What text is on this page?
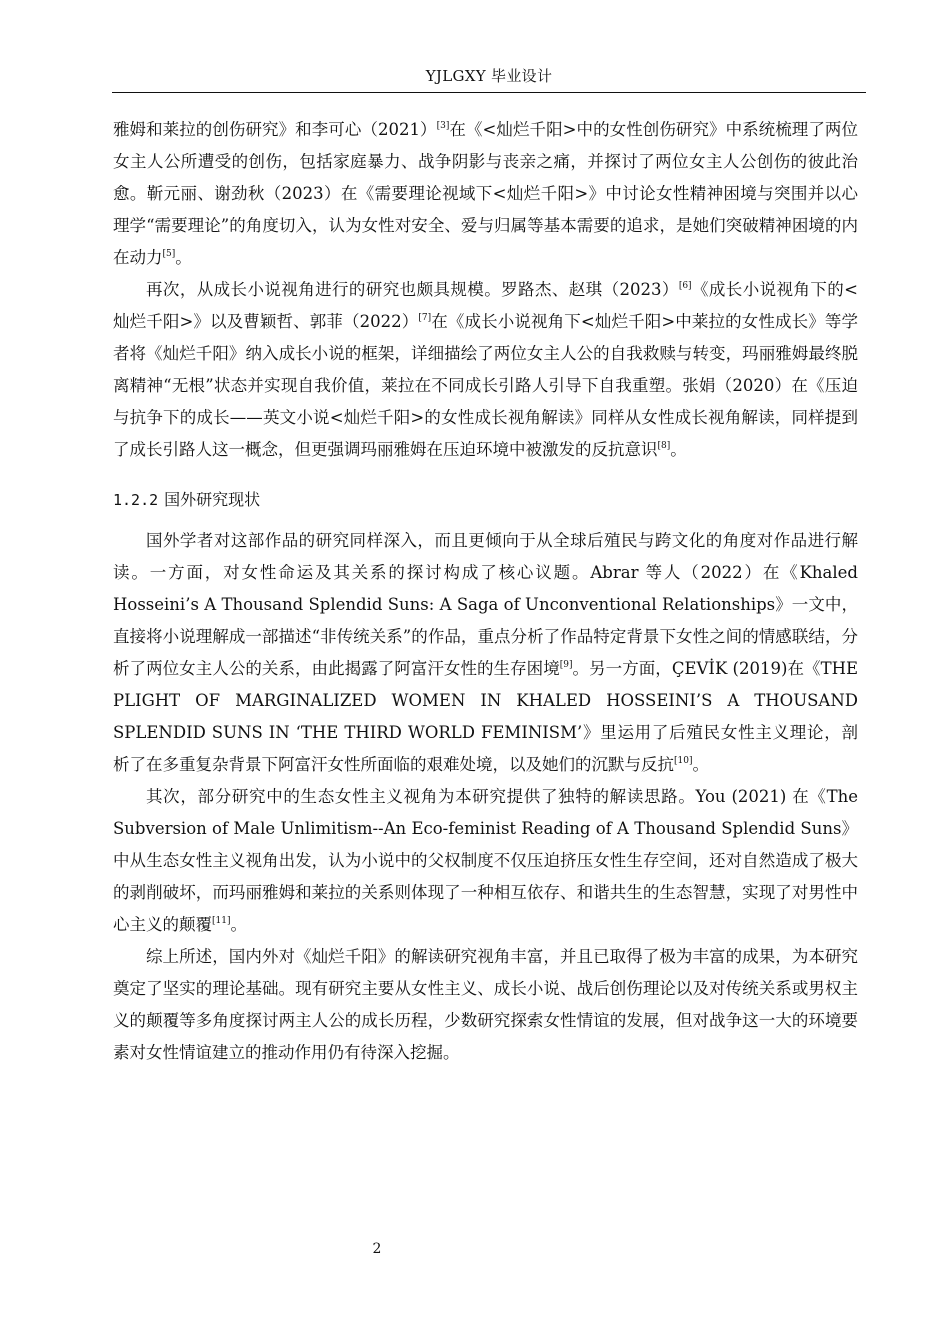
YJLGXY 毕业设计

雅姆和莱拉的创伤研究》和李可心（2021）[3]在《<灿烂千阳>中的女性创伤研究》中系统梳理了两位女主人公所遭受的创伤，包括家庭暴力、战争阴影与丧亲之痛，并探讨了两位女主人公创伤的彼此治愈。靳元丽、谢劲秋（2023）在《需要理论视域下<灿烂千阳>》中讨论女性精神困境与突围并以心理学“需要理论”的角度切入，认为女性对安全、爱与归属等基本需要的追求，是她们突破精神困境的内在动力[5]。

再次，从成长小说视角进行的研究也颇具规模。罗路杰、赵琪（2023）[6]《成长小说视角下的<灿烂千阳>》以及曹颖哲、郭菲（2022）[7]在《成长小说视角下<灿烂千阳>中莱拉的女性成长》等学者将《灿烂千阳》纳入成长小说的框架，详细描绘了两位女主人公的自我救赎与转变，玛丽雅姆最终脱离精神“无根”状态并实现自我价值，莱拉在不同成长引路人引导下自我重塑。张娟（2020）在《压迫与抗争下的成长——英文小说<灿烂千阳>的女性成长视角解读》同样从女性成长视角解读，同样提到了成长引路人这一概念，但更强调玛丽雅姆在压迫环境中被激发的反抗意识[8]。

1.2.2 国外研究现状

国外学者对这部作品的研究同样深入，而且更倾向于从全球后殖民与跨文化的角度对作品进行解读。一方面，对女性命运及其关系的探讨构成了核心议题。Abrar 等人（2022）在《Khaled Hosseini’s A Thousand Splendid Suns: A Saga of Unconventional Relationships》一文中，直接将小说理解成一部描述“非传统关系”的作品，重点分析了作品特定背景下女性之间的情感联结，分析了两位女主人公的关系，由此揭露了阿富汗女性的生存困境[9]。另一方面，ÇEVİK (2019)在《THE PLIGHT OF MARGINALIZED WOMEN IN KHALED HOSSEINI’S A THOUSAND SPLENDID SUNS IN ‘THE THIRD WORLD FEMINISM’》里运用了后殖民女性主义理论，剖析了在多重复杂背景下阿富汗女性所面临的艰难处境，以及她们的沉默与反抗[10]。

其次，部分研究中的生态女性主义视角为本研究提供了独特的解读思路。You (2021) 在《The Subversion of Male Unlimitism--An Eco-feminist Reading of A Thousand Splendid Suns》中从生态女性主义视角出发，认为小说中的父权制度不仅压迫挤压女性生存空间，还对自然造成了极大的剥削破坏，而玛丽雅姆和莱拉的关系则体现了一种相互依存、和谐共生的生态智慧，实现了对男性中心主义的颠覆[11]。

综上所述，国内外对《灿烂千阳》的解读研究视角丰富，并且已取得了极为丰富的成果，为本研究奠定了坚实的理论基础。现有研究主要从女性主义、成长小说、战后创伤理论以及对传统关系或男权主义的颠覆等多角度探讨两主人公的成长历程，少数研究探索女性情谊的发展，但对战争这一大的环境要素对女性情谊建立的推动作用仍有待深入挖掘。

2
